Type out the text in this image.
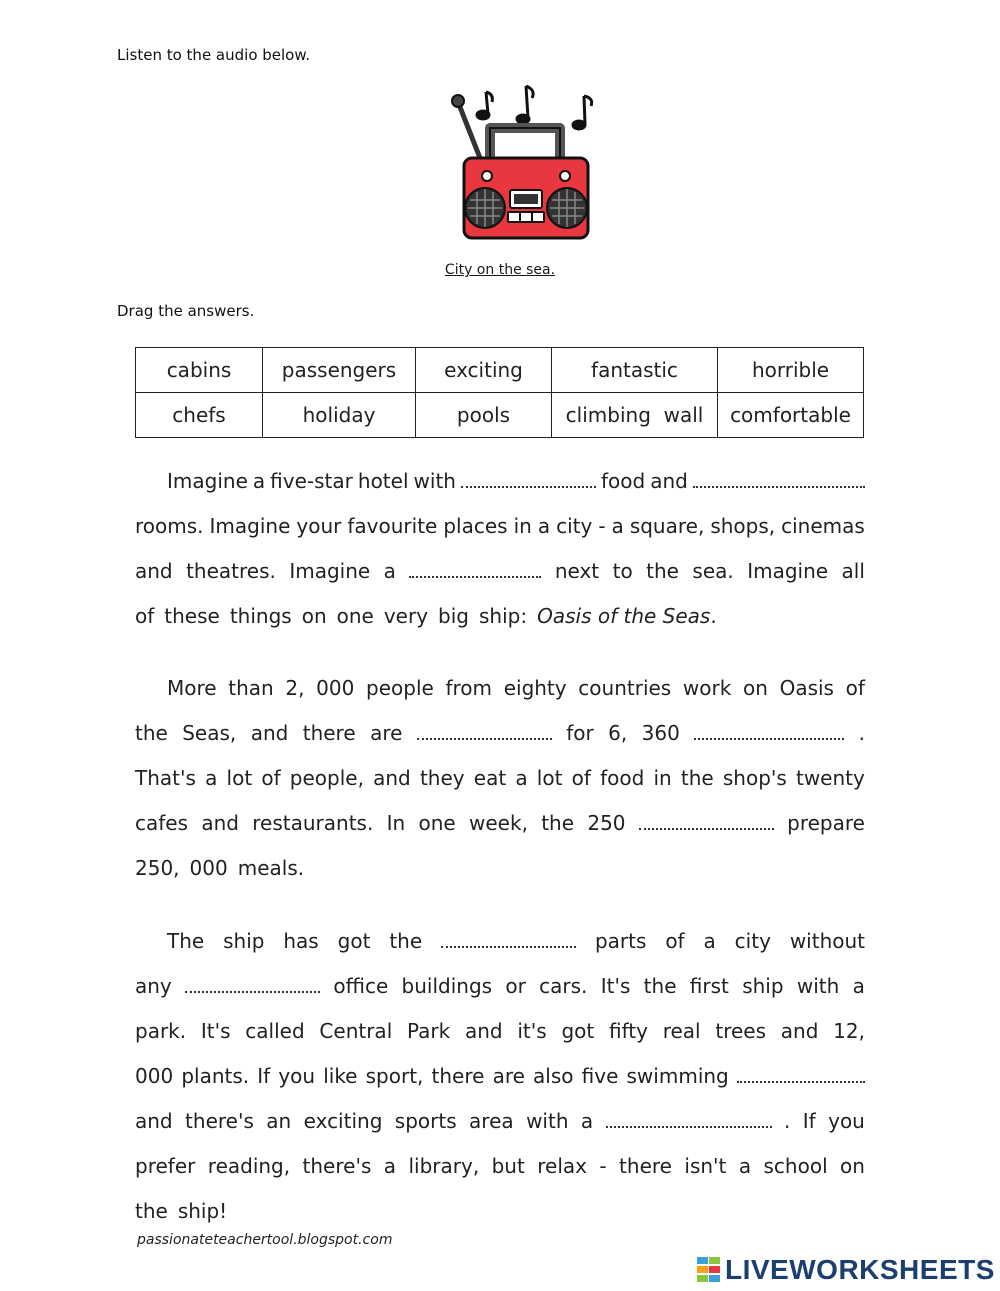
Listen to the audio below.
City on the sea.
Drag the answers.
cabins	passengers	exciting	fantastic	horrible
chefs	holiday	pools	climbing  wall	comfortable
Imagine a five-star hotel with	food and
rooms. Imagine your favourite places in a city - a square, shops, cinemas
and theatres. Imagine a	next to the sea. Imagine all
of these things on one very big ship: Oasis of the Seas.
More than 2, 000 people from eighty countries work on Oasis of
the Seas, and there are	for 6, 360	.
That's a lot of people, and they eat a lot of food in the shop's twenty
cafes and restaurants. In one week, the 250	prepare
250, 000 meals.
The ship has got the	parts of a city without
any	office buildings or cars. It's the first ship with a
park. It's called Central Park and it's got fifty real trees and 12,
000 plants. If you like sport, there are also five swimming
and there's an exciting sports area with a	. If you
prefer reading, there's a library, but relax - there isn't a school on
the ship!
passionateteachertool.blogspot.com
LIVEWORKSHEETS
